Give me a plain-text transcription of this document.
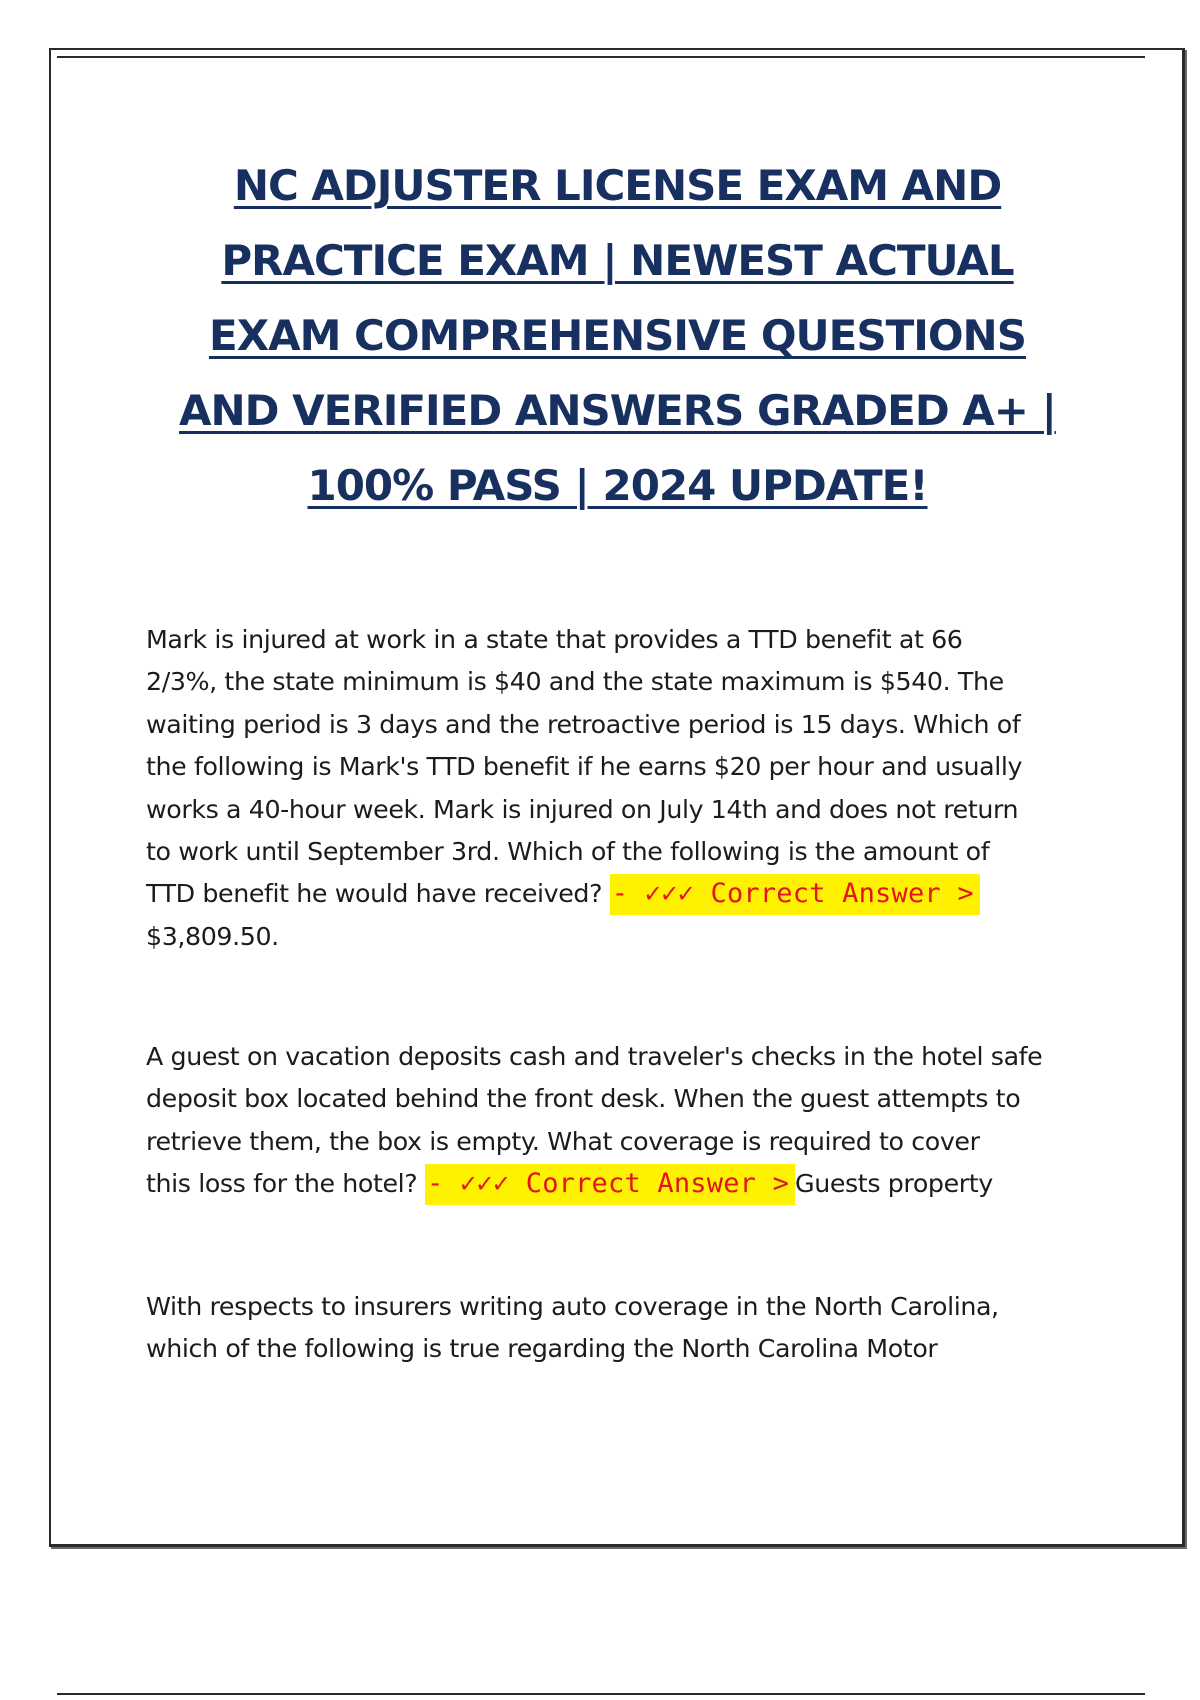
NC ADJUSTER LICENSE EXAM AND
PRACTICE EXAM | NEWEST ACTUAL
EXAM COMPREHENSIVE QUESTIONS
AND VERIFIED ANSWERS GRADED A+ |
100% PASS | 2024 UPDATE!

Mark is injured at work in a state that provides a TTD benefit at 66
2/3%, the state minimum is $40 and the state maximum is $540. The
waiting period is 3 days and the retroactive period is 15 days. Which of
the following is Mark's TTD benefit if he earns $20 per hour and usually
works a 40-hour week. Mark is injured on July 14th and does not return
to work until September 3rd. Which of the following is the amount of
TTD benefit he would have received? - ✓✓✓ Correct Answer >
$3,809.50.

A guest on vacation deposits cash and traveler's checks in the hotel safe
deposit box located behind the front desk. When the guest attempts to
retrieve them, the box is empty. What coverage is required to cover
this loss for the hotel? - ✓✓✓ Correct Answer > Guests property

With respects to insurers writing auto coverage in the North Carolina,
which of the following is true regarding the North Carolina Motor
